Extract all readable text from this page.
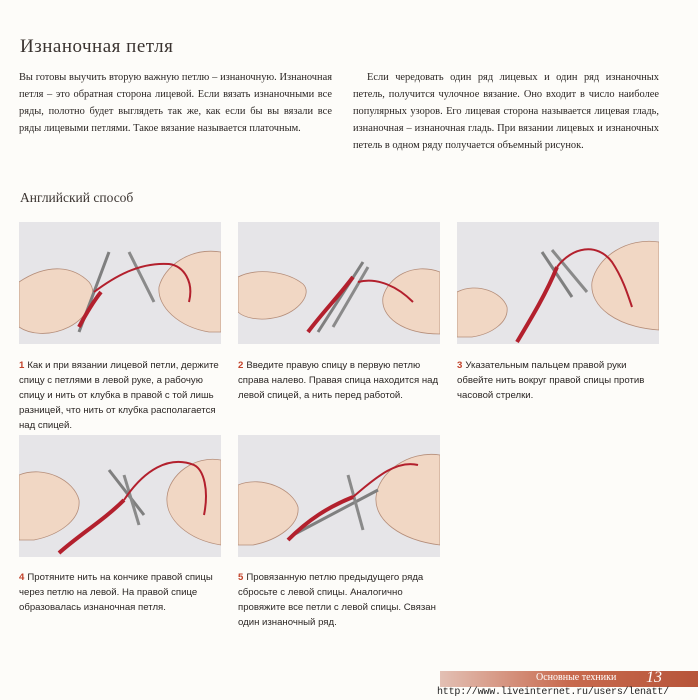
Изнаночная петля
Вы готовы выучить вторую важную петлю – изнаночную. Изнаночная петля – это обратная сторона лицевой. Если вязать изнаночными все ряды, полотно будет выглядеть так же, как если бы вы вязали все ряды лицевыми петлями. Такое вязание называется платочным.
Если чередовать один ряд лицевых и один ряд изнаночных петель, получится чулочное вязание. Оно входит в число наиболее популярных узоров. Его лицевая сторона называется лицевая гладь, изнаночная – изнаночная гладь. При вязании лицевых и изнаночных петель в одном ряду получается объемный рисунок.
Английский способ
1 Как и при вязании лицевой петли, держите спицу с петлями в левой руке, а рабочую спицу и нить от клубка в правой с той лишь разницей, что нить от клубка располагается над спицей.
2 Введите правую спицу в первую петлю справа налево. Правая спица находится над левой спицей, а нить перед работой.
3 Указательным пальцем правой руки обвейте нить вокруг правой спицы против часовой стрелки.
4 Протяните нить на кончике правой спицы через петлю на левой. На правой спице образовалась изнаночная петля.
5 Провязанную петлю предыдущего ряда сбросьте с левой спицы. Аналогично провяжите все петли с левой спицы. Связан один изнаночный ряд.
Основные техники 13
http://www.liveinternet.ru/users/lenatt/
